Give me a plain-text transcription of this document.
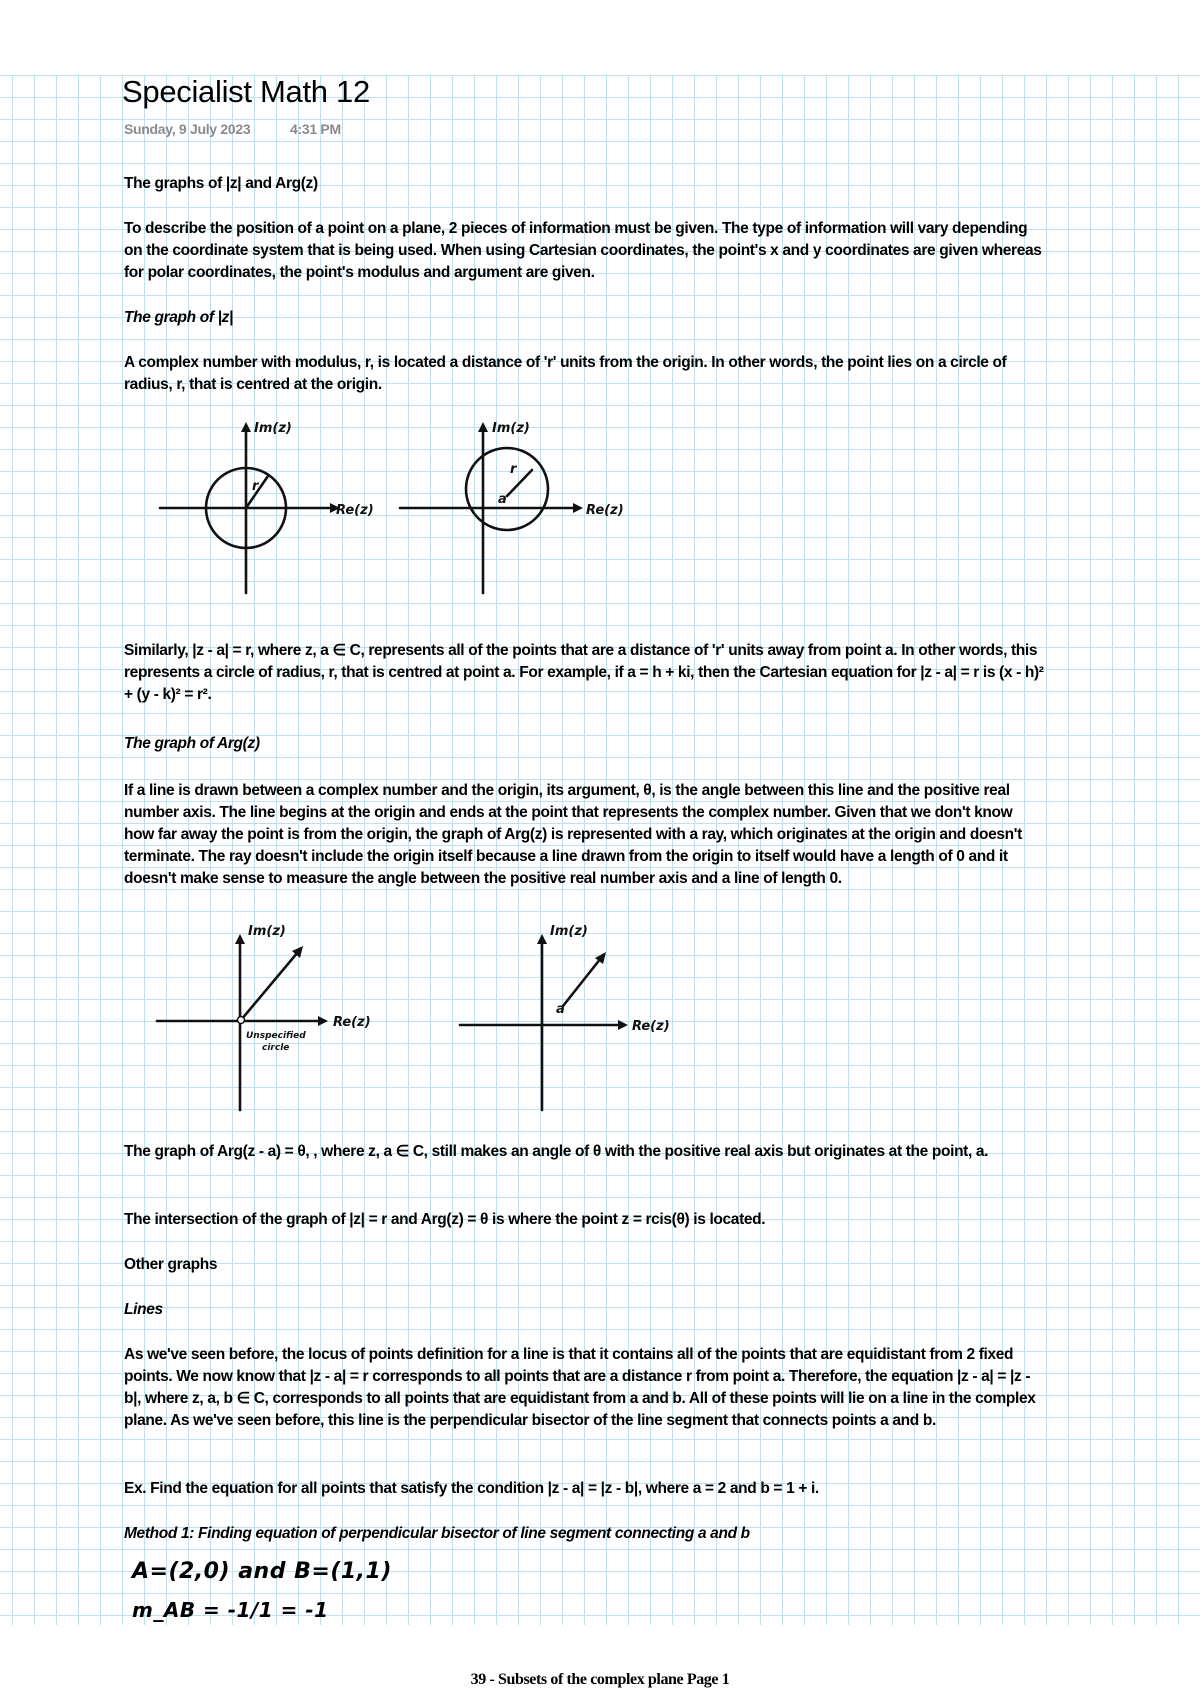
Specialist Math 12
Sunday, 9 July 2023	4:31 PM
The graphs of |z| and Arg(z)
To describe the position of a point on a plane, 2 pieces of information must be given. The type of information will vary depending on the coordinate system that is being used. When using Cartesian coordinates, the point's x and y coordinates are given whereas for polar coordinates, the point's modulus and argument are given.
The graph of |z|
A complex number with modulus, r, is located a distance of 'r' units from the origin. In other words, the point lies on a circle of radius, r, that is centred at the origin.
r
Im(z)
Re(z)
r
a
Im(z)
Re(z)
Similarly, |z - a| = r, where z, a ∈ C, represents all of the points that are a distance of 'r' units away from point a. In other words, this represents a circle of radius, r, that is centred at point a. For example, if a = h + ki, then the Cartesian equation for |z - a| = r is (x - h)² + (y - k)² = r².
The graph of Arg(z)
If a line is drawn between a complex number and the origin, its argument, θ, is the angle between this line and the positive real number axis. The line begins at the origin and ends at the point that represents the complex number. Given that we don't know how far away the point is from the origin, the graph of Arg(z) is represented with a ray, which originates at the origin and doesn't terminate. The ray doesn't include the origin itself because a line drawn from the origin to itself would have a length of 0 and it doesn't make sense to measure the angle between the positive real number axis and a line of length 0.
Im(z)
Re(z)
Unspecified
circle
a
Im(z)
Re(z)
The graph of Arg(z - a) = θ, , where z, a ∈ C, still makes an angle of θ with the positive real axis but originates at the point, a.
The intersection of the graph of |z| = r and Arg(z) = θ is where the point z = rcis(θ) is located.
Other graphs
Lines
As we've seen before, the locus of points definition for a line is that it contains all of the points that are equidistant from 2 fixed points. We now know that |z - a| = r corresponds to all points that are a distance r from point a. Therefore, the equation |z - a| = |z - b|, where z, a, b ∈ C, corresponds to all points that are equidistant from a and b. All of these points will lie on a line in the complex plane. As we've seen before, this line is the perpendicular bisector of the line segment that connects points a and b.
Ex. Find the equation for all points that satisfy the condition |z - a| = |z - b|, where a = 2 and b = 1 + i.
Method 1: Finding equation of perpendicular bisector of line segment connecting a and b
A=(2,0) and B=(1,1)
m_AB = -1/1 = -1
39 - Subsets of the complex plane Page 1
